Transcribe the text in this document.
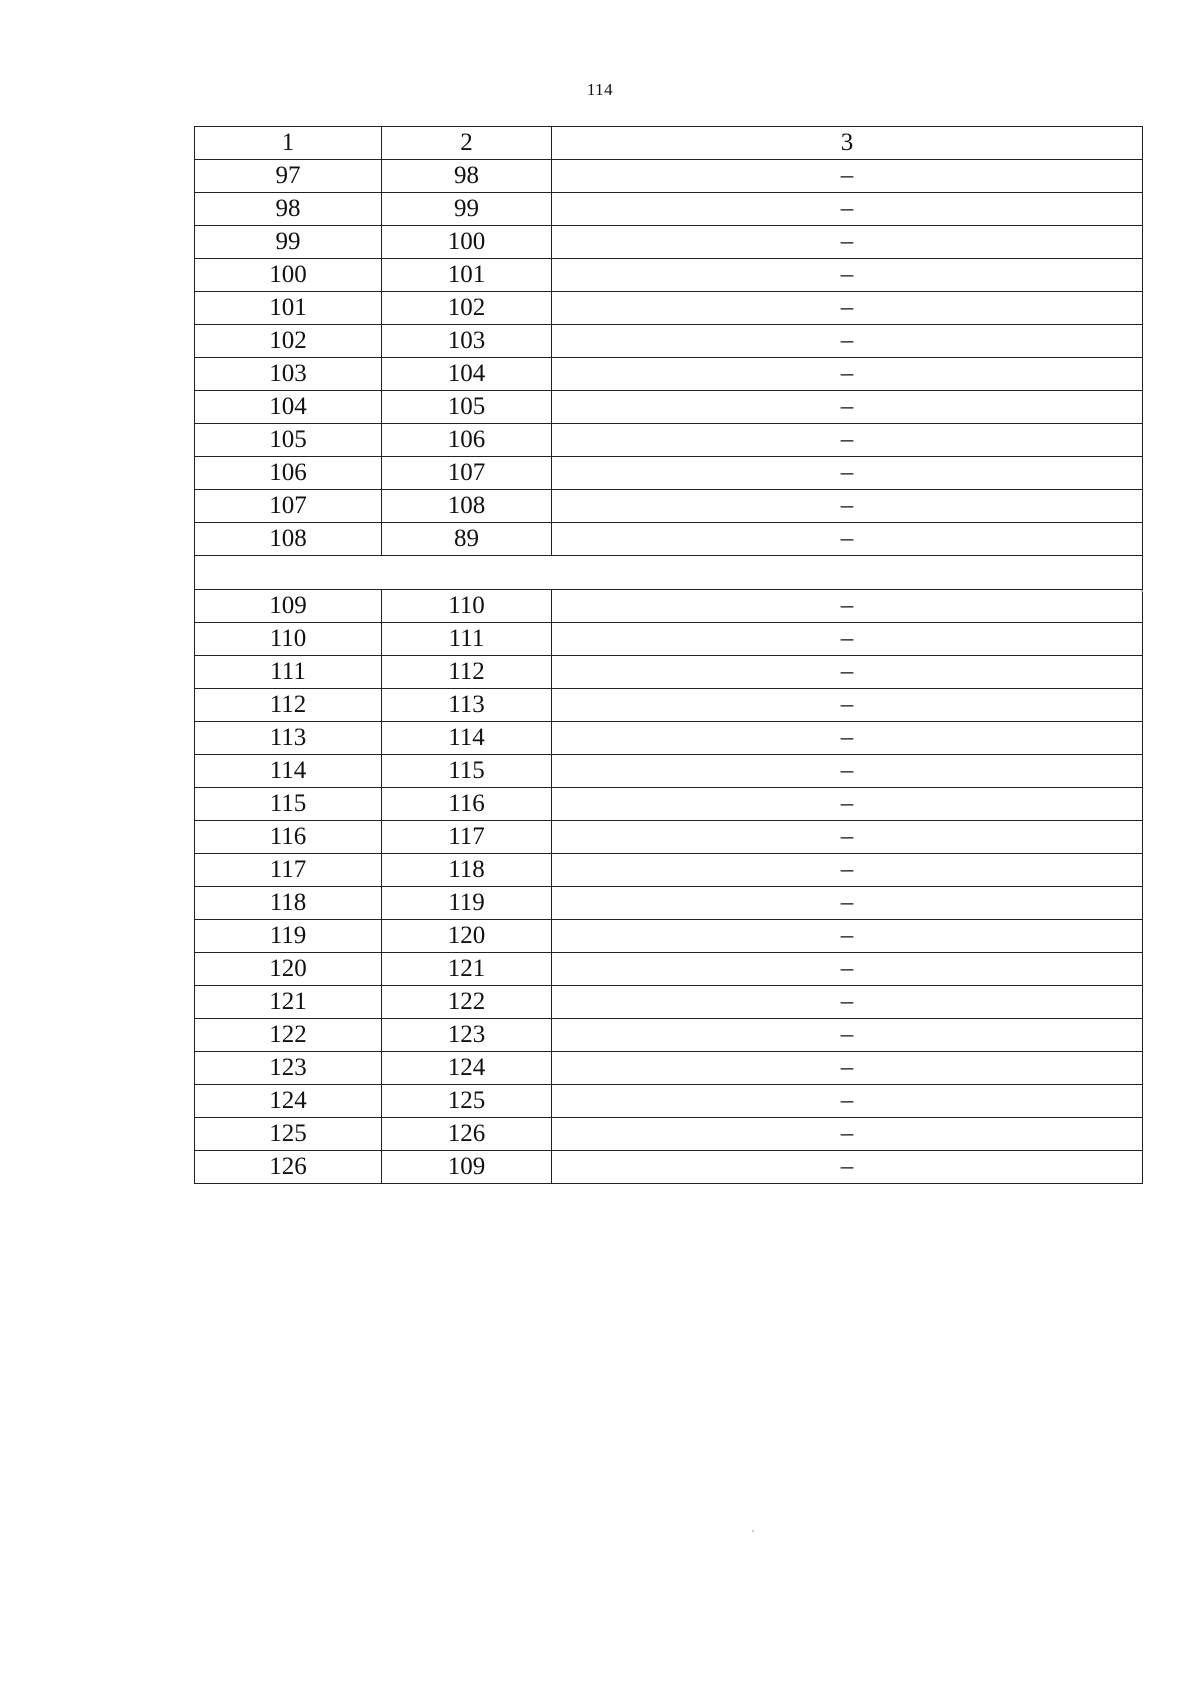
114
1	2	3
97	98	–
98	99	–
99	100	–
100	101	–
101	102	–
102	103	–
103	104	–
104	105	–
105	106	–
106	107	–
107	108	–
108	89	–

109	110	–
110	111	–
111	112	–
112	113	–
113	114	–
114	115	–
115	116	–
116	117	–
117	118	–
118	119	–
119	120	–
120	121	–
121	122	–
122	123	–
123	124	–
124	125	–
125	126	–
126	109	–
